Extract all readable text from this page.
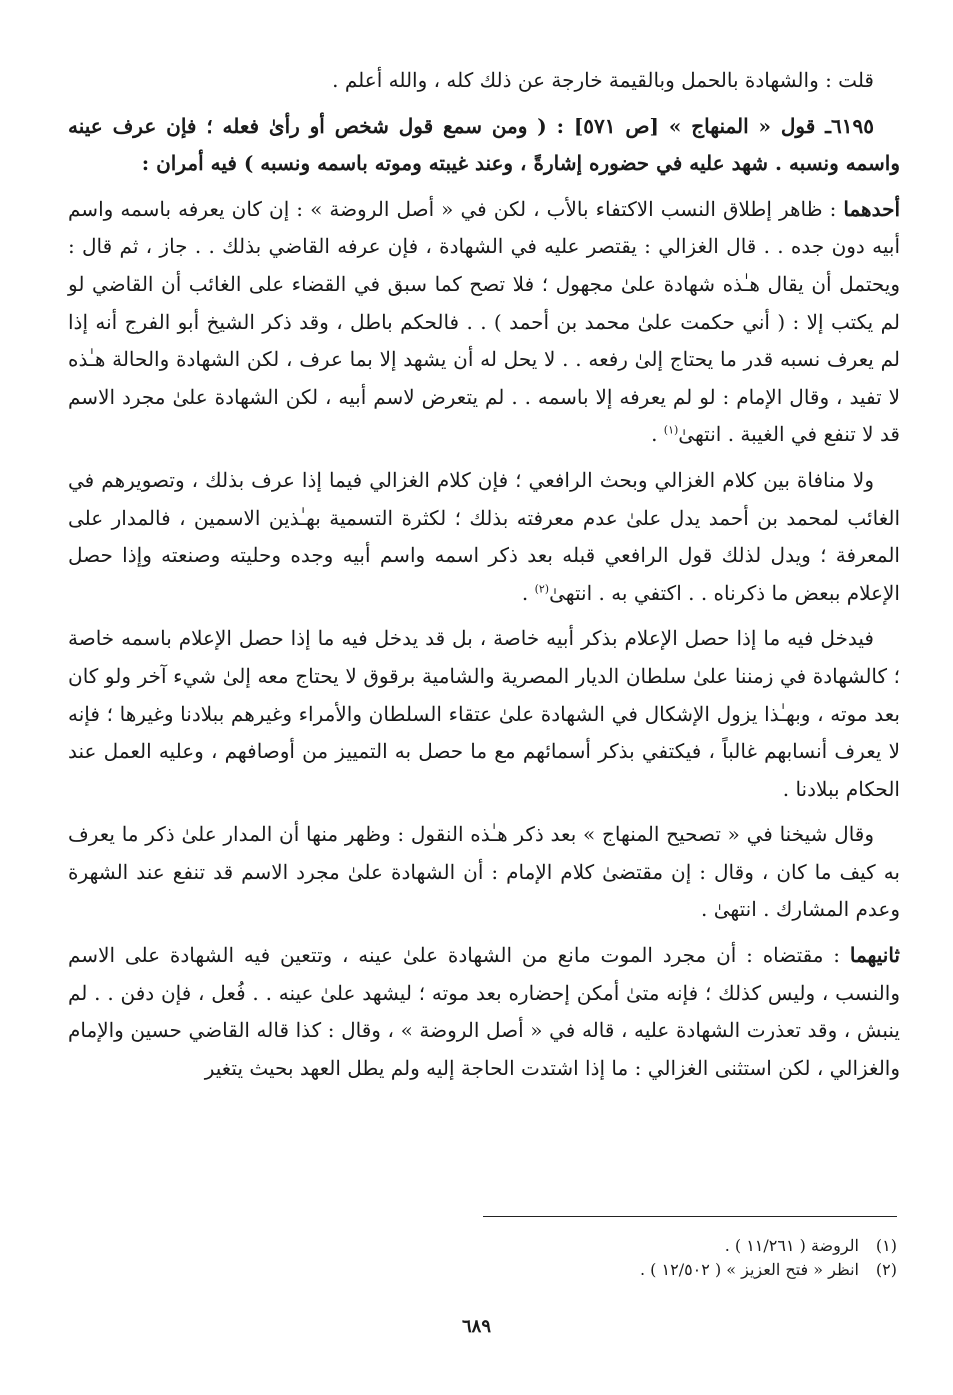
قلت : والشهادة بالحمل وبالقيمة خارجة عن ذلك كله ، والله أعلم .

٦١٩٥ـ قول « المنهاج » [ص ٥٧١] : ( ومن سمع قول شخص أو رأىٰ فعله ؛ فإن عرف عينه واسمه ونسبه . شهد عليه في حضوره إشارةً ، وعند غيبته وموته باسمه ونسبه ) فيه أمران :

أحدهما : ظاهر إطلاق النسب الاكتفاء بالأب ، لكن في « أصل الروضة » : إن كان يعرفه باسمه واسم أبيه دون جده . . قال الغزالي : يقتصر عليه في الشهادة ، فإن عرفه القاضي بذلك . . جاز ، ثم قال : ويحتمل أن يقال هـٰذه شهادة علىٰ مجهول ؛ فلا تصح كما سبق في القضاء على الغائب أن القاضي لو لم يكتب إلا : ( أني حكمت علىٰ محمد بن أحمد ) . . فالحكم باطل ، وقد ذكر الشيخ أبو الفرج أنه إذا لم يعرف نسبه قدر ما يحتاج إلىٰ رفعه . . لا يحل له أن يشهد إلا بما عرف ، لكن الشهادة والحالة هـٰذه لا تفيد ، وقال الإمام : لو لم يعرفه إلا باسمه . . لم يتعرض لاسم أبيه ، لكن الشهادة علىٰ مجرد الاسم قد لا تنفع في الغيبة . انتهىٰ$^{(١)}$ .

ولا منافاة بين كلام الغزالي وبحث الرافعي ؛ فإن كلام الغزالي فيما إذا عرف بذلك ، وتصويرهم في الغائب لمحمد بن أحمد يدل علىٰ عدم معرفته بذلك ؛ لكثرة التسمية بهـٰذين الاسمين ، فالمدار على المعرفة ؛ ويدل لذلك قول الرافعي قبله بعد ذكر اسمه واسم أبيه وجده وحليته وصنعته وإذا حصل الإعلام ببعض ما ذكرناه . . اكتفي به . انتهىٰ$^{(٢)}$ .

فيدخل فيه ما إذا حصل الإعلام بذكر أبيه خاصة ، بل قد يدخل فيه ما إذا حصل الإعلام باسمه خاصة ؛ كالشهادة في زمننا علىٰ سلطان الديار المصرية والشامية برقوق لا يحتاج معه إلىٰ شيء آخر ولو كان بعد موته ، وبهـٰذا يزول الإشكال في الشهادة علىٰ عتقاء السلطان والأمراء وغيرهم ببلادنا وغيرها ؛ فإنه لا يعرف أنسابهم غالباً ، فيكتفي بذكر أسمائهم مع ما حصل به التمييز من أوصافهم ، وعليه العمل عند الحكام ببلادنا .

وقال شيخنا في « تصحيح المنهاج » بعد ذكر هـٰذه النقول : وظهر منها أن المدار علىٰ ذكر ما يعرف به كيف ما كان ، وقال : إن مقتضىٰ كلام الإمام : أن الشهادة علىٰ مجرد الاسم قد تنفع عند الشهرة وعدم المشارك . انتهىٰ .

ثانيهما : مقتضاه : أن مجرد الموت مانع من الشهادة علىٰ عينه ، وتتعين فيه الشهادة على الاسم والنسب ، وليس كذلك ؛ فإنه متىٰ أمكن إحضاره بعد موته ؛ ليشهد علىٰ عينه . . فُعل ، فإن دفن . . لم ينبش ، وقد تعذرت الشهادة عليه ، قاله في « أصل الروضة » ، وقال : كذا قاله القاضي حسين والإمام والغزالي ، لكن استثنى الغزالي : ما إذا اشتدت الحاجة إليه ولم يطل العهد بحيث يتغير

(١)الروضة ( ١١/٢٦١ ) .
(٢)انظر « فتح العزيز » ( ١٢/٥٠٢ ) .
٦٨٩
